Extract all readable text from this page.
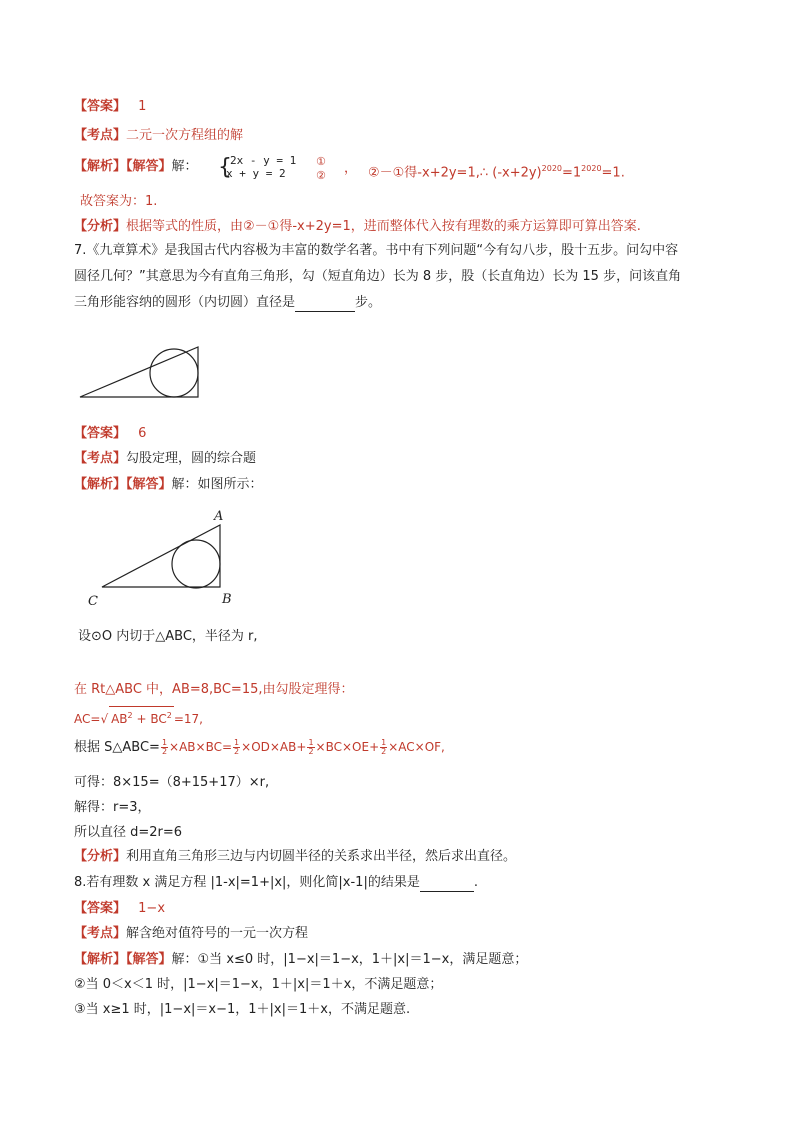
【答案】 1
【考点】二元一次方程组的解
【解析】【解答】解： {
2x - y = 1
x + y = 2
①
② ， ②－①得-x+2y=1,∴ $(-x+2y)^{2020}=1^{2020}=1$.
故答案为：1.
【分析】根据等式的性质，由②－①得-x+2y=1，进而整体代入按有理数的乘方运算即可算出答案.
7.《九章算术》是我国古代内容极为丰富的数学名著。书中有下列问题“今有勾八步，股十五步。问勾中容
圆径几何？”其意思为今有直角三角形，勾（短直角边）长为 8 步，股（长直角边）长为 15 步，问该直角
三角形能容纳的圆形（内切圆）直径是	步。
【答案】 6
【考点】勾股定理，圆的综合题
【解析】【解答】解：如图所示：
A
B
C
设⊙O 内切于△ABC，半径为 r,
在 Rt△ABC 中，AB=8,BC=15,由勾股定理得：
AC=√ $AB^2 + BC^2 =17$,
根据 S△ABC= $\frac{1}{2} \times AB\times BC= \frac{1}{2} \times OD\times AB+ \frac{1}{2} \times BC\times OE+ \frac{1}{2} \times AC\times OF$,
可得：8×15=（8+15+17）×r,
解得：r=3，
所以直径 d=2r=6
【分析】利用直角三角形三边与内切圆半径的关系求出半径，然后求出直径。
8.若有理数 x 满足方程 |1-x|=1+|x|，则化简|x-1|的结果是	.
【答案】 1−x
【考点】解含绝对值符号的一元一次方程
【解析】【解答】解：①当 x≤0 时，|1−x|＝1−x，1＋|x|＝1−x，满足题意；
②当 0＜x＜1 时，|1−x|＝1−x，1＋|x|＝1＋x，不满足题意；
③当 x≥1 时，|1−x|＝x−1，1＋|x|＝1＋x，不满足题意.
